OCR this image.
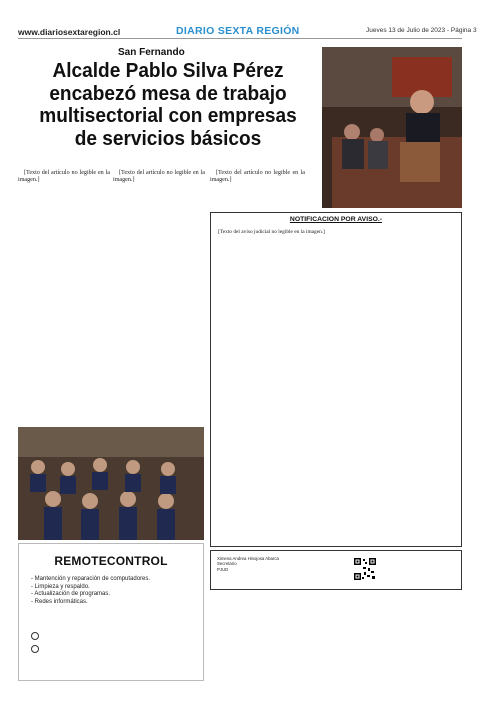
www.diariosextaregion.cl	DIARIO SEXTA REGIÓN	Jueves 13 de Julio de 2023 - Página 3
San Fernando
Alcalde Pablo Silva Pérez encabezó mesa de trabajo multisectorial con empresas de servicios básicos

[Texto del artículo no legible en la imagen.]

[Texto del artículo no legible en la imagen.]

[Texto del artículo no legible en la imagen.]

NOTIFICACION POR AVISO.-
[Texto del aviso judicial no legible en la imagen.]
REMOTECONTROL
- Mantención y reparación de computadores.
- Limpieza y respaldo.
- Actualización de programas.
- Redes informáticas.
Ximena Andrea Hinojosa Abarca
Secretario
PJUD
